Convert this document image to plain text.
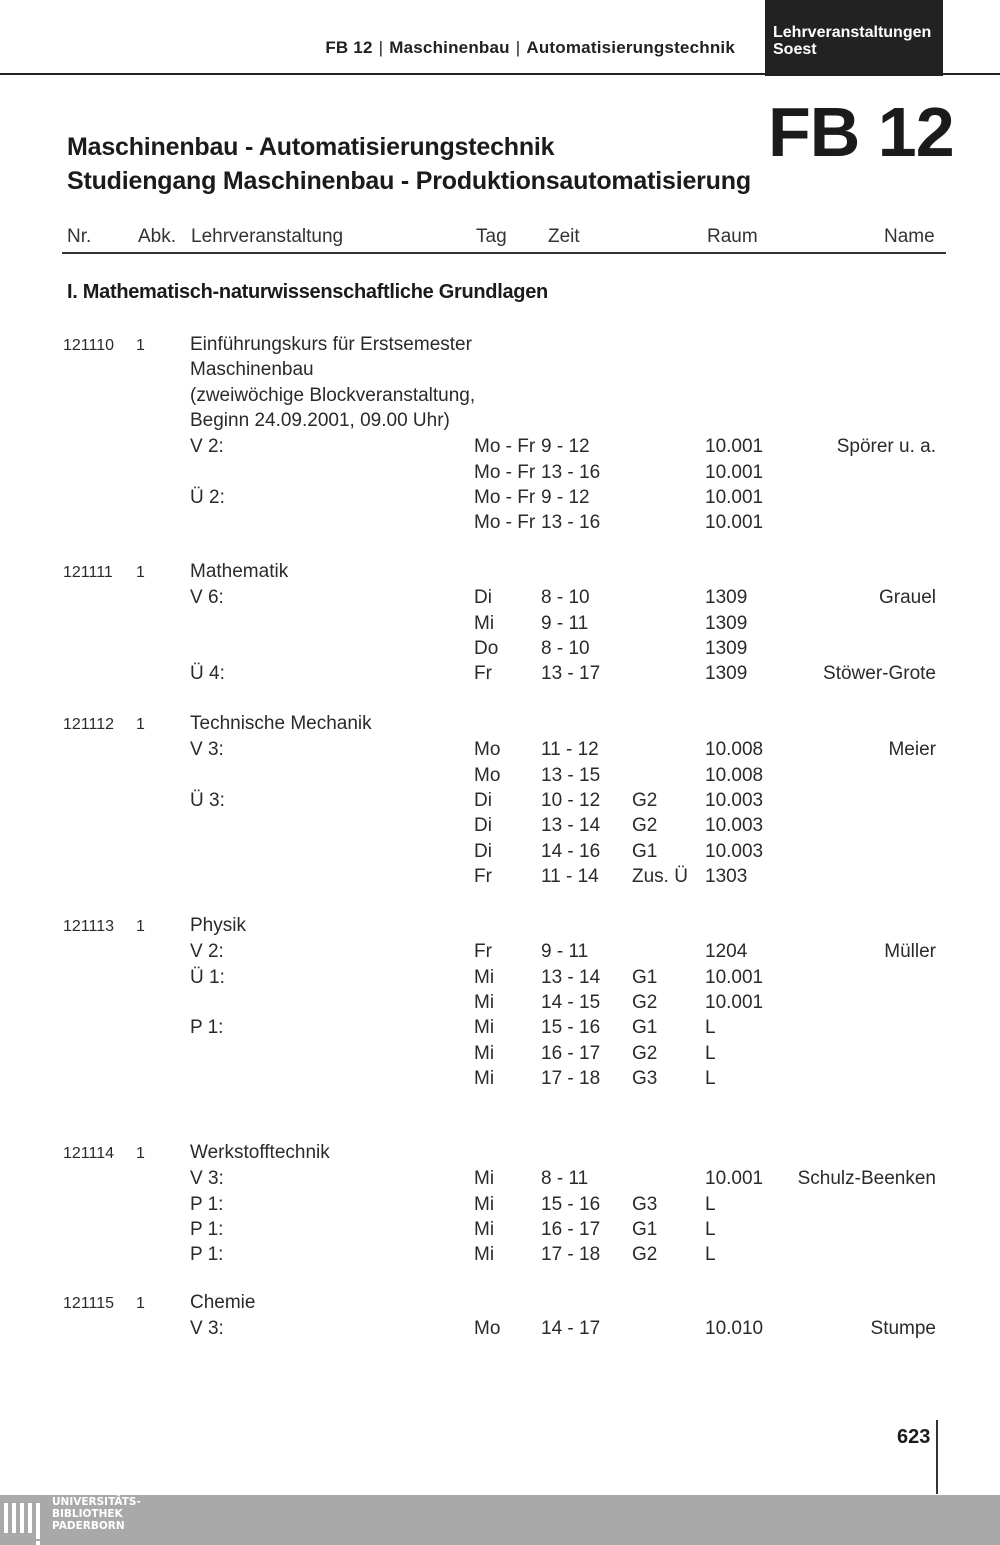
FB 12 | Maschinenbau | Automatisierungstechnik
Lehrveranstaltungen
Soest
FB 12
Maschinenbau - Automatisierungstechnik
Studiengang Maschinenbau - Produktionsautomatisierung
Nr. Abk. Lehrveranstaltung	Tag Zeit	Raum	Name
I. Mathematisch-naturwissenschaftliche Grundlagen
121110 1 Einführungskurs für Erstsemester
Maschinenbau
(zweiwöchige Blockveranstaltung,
Beginn 24.09.2001, 09.00 Uhr)
V 2:	Mo - Fr 9 - 12	10.001	Spörer u. a.
Mo - Fr 13 - 16	10.001
Ü 2:	Mo - Fr 9 - 12	10.001
Mo - Fr 13 - 16	10.001
121111 1 Mathematik
V 6:	Di	8 - 10	1309	Grauel
Mi 9 - 11	1309
Do 8 - 10	1309
Ü 4:	Fr	13 - 17	1309	Stöwer-Grote
121112 1 Technische Mechanik
V 3:	Mo 11 - 12	10.008	Meier
Mo 13 - 15	10.008
Ü 3:	Di	10 - 12 G2	10.003
Di	13 - 14 G2	10.003
Di	14 - 16 G1	10.003
Fr	11 - 14 Zus. Ü 1303
121113 1 Physik
V 2:	Fr	9 - 11	1204	Müller
Ü 1:	Mi 13 - 14 G1	10.001
Mi 14 - 15 G2	10.001
P 1:	Mi 15 - 16 G1	L
Mi 16 - 17 G2	L
Mi 17 - 18 G3	L
121114 1 Werkstofftechnik
V 3:	Mi 8 - 11	10.001 Schulz-Beenken
P 1:	Mi 15 - 16 G3	L
P 1:	Mi 16 - 17 G1	L
P 1:	Mi 17 - 18 G2	L
121115 1 Chemie
V 3:	Mo 14 - 17	10.010	Stumpe
623
UNIVERSITÄTS-
BIBLIOTHEK
PADERBORN
